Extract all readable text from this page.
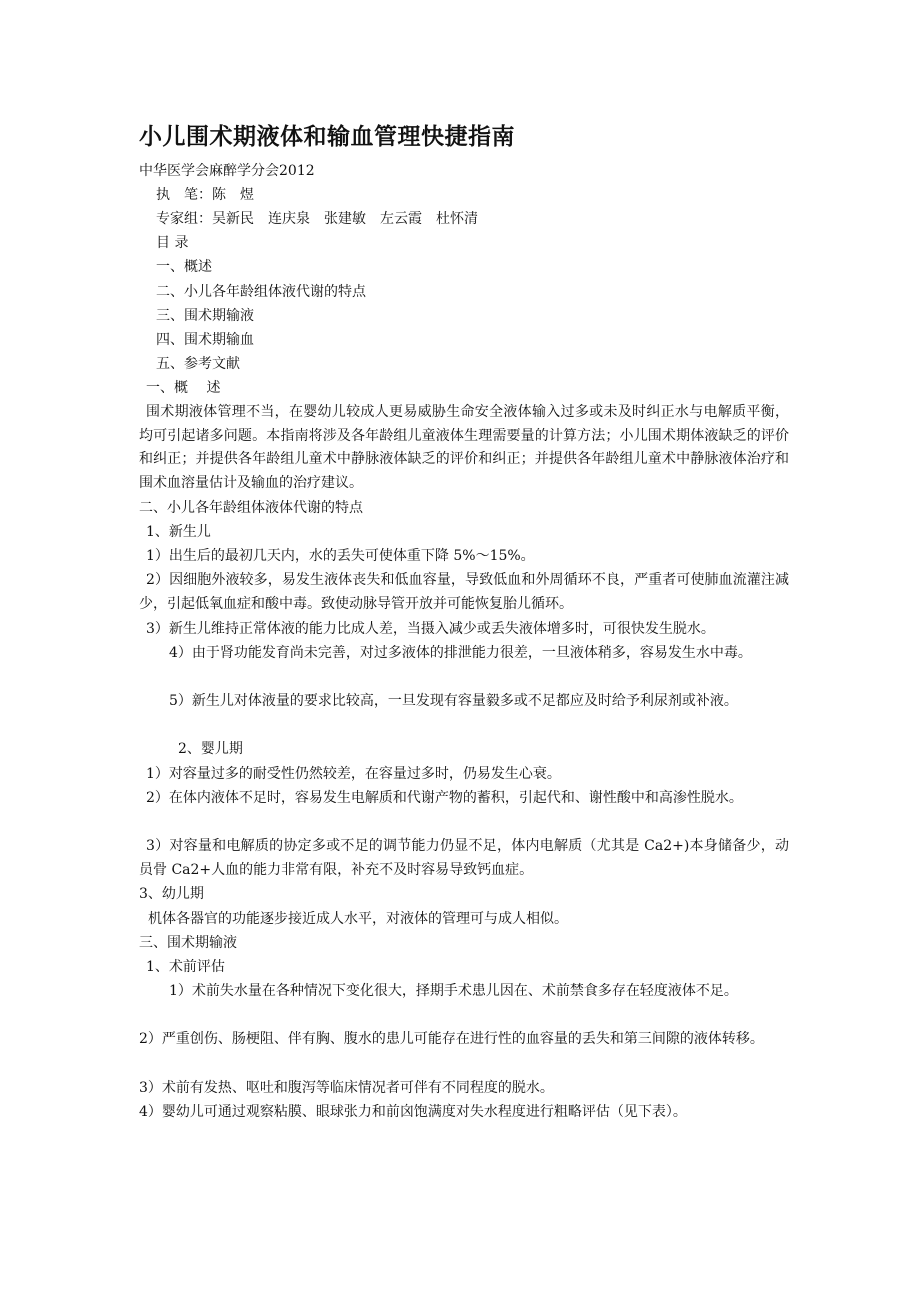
小儿围术期液体和输血管理快捷指南

中华医学会麻醉学分会2012

执　笔：陈　煜

专家组：吴新民　连庆泉　张建敏　左云霞　杜怀清

目 录

一、概述

二、小儿各年龄组体液代谢的特点

三、围术期输液

四、围术期输血

五、参考文献

一、概　 述

围术期液体管理不当，在婴幼儿较成人更易威胁生命安全液体输入过多或未及时纠正水与电解质平衡，均可引起诸多问题。本指南将涉及各年龄组儿童液体生理需要量的计算方法；小儿围术期体液缺乏的评价和纠正；并提供各年龄组儿童术中静脉液体缺乏的评价和纠正；并提供各年龄组儿童术中静脉液体治疗和围术血溶量估计及输血的治疗建议。

二、小儿各年龄组体液体代谢的特点

1、新生儿

1）出生后的最初几天内，水的丢失可使体重下降 5%～15%。

2）因细胞外液较多，易发生液体丧失和低血容量，导致低血和外周循环不良，严重者可使肺血流灌注减少，引起低氧血症和酸中毒。致使动脉导管开放并可能恢复胎儿循环。

3）新生儿维持正常体液的能力比成人差，当摄入减少或丢失液体增多时，可很快发生脱水。

4）由于肾功能发育尚未完善，对过多液体的排泄能力很差，一旦液体稍多，容易发生水中毒。

5）新生儿对体液量的要求比较高，一旦发现有容量毅多或不足都应及时给予利尿剂或补液。

2、婴儿期

1）对容量过多的耐受性仍然较差，在容量过多时，仍易发生心衰。

2）在体内液体不足时，容易发生电解质和代谢产物的蓄积，引起代和、谢性酸中和高渗性脱水。

3）对容量和电解质的协定多或不足的调节能力仍显不足，体内电解质（尤其是 Ca2+)本身储备少，动员骨 Ca2+人血的能力非常有限，补充不及时容易导致钙血症。

3、幼儿期

机体各器官的功能逐步接近成人水平，对液体的管理可与成人相似。

三、围术期输液

1、术前评估

1）术前失水量在各种情况下变化很大，择期手术患儿因在、术前禁食多存在轻度液体不足。

2）严重创伤、肠梗阻、伴有胸、腹水的患儿可能存在进行性的血容量的丢失和第三间隙的液体转移。

3）术前有发热、呕吐和腹泻等临床情况者可伴有不同程度的脱水。

4）婴幼儿可通过观察粘膜、眼球张力和前囟饱满度对失水程度进行粗略评估（见下表）。
